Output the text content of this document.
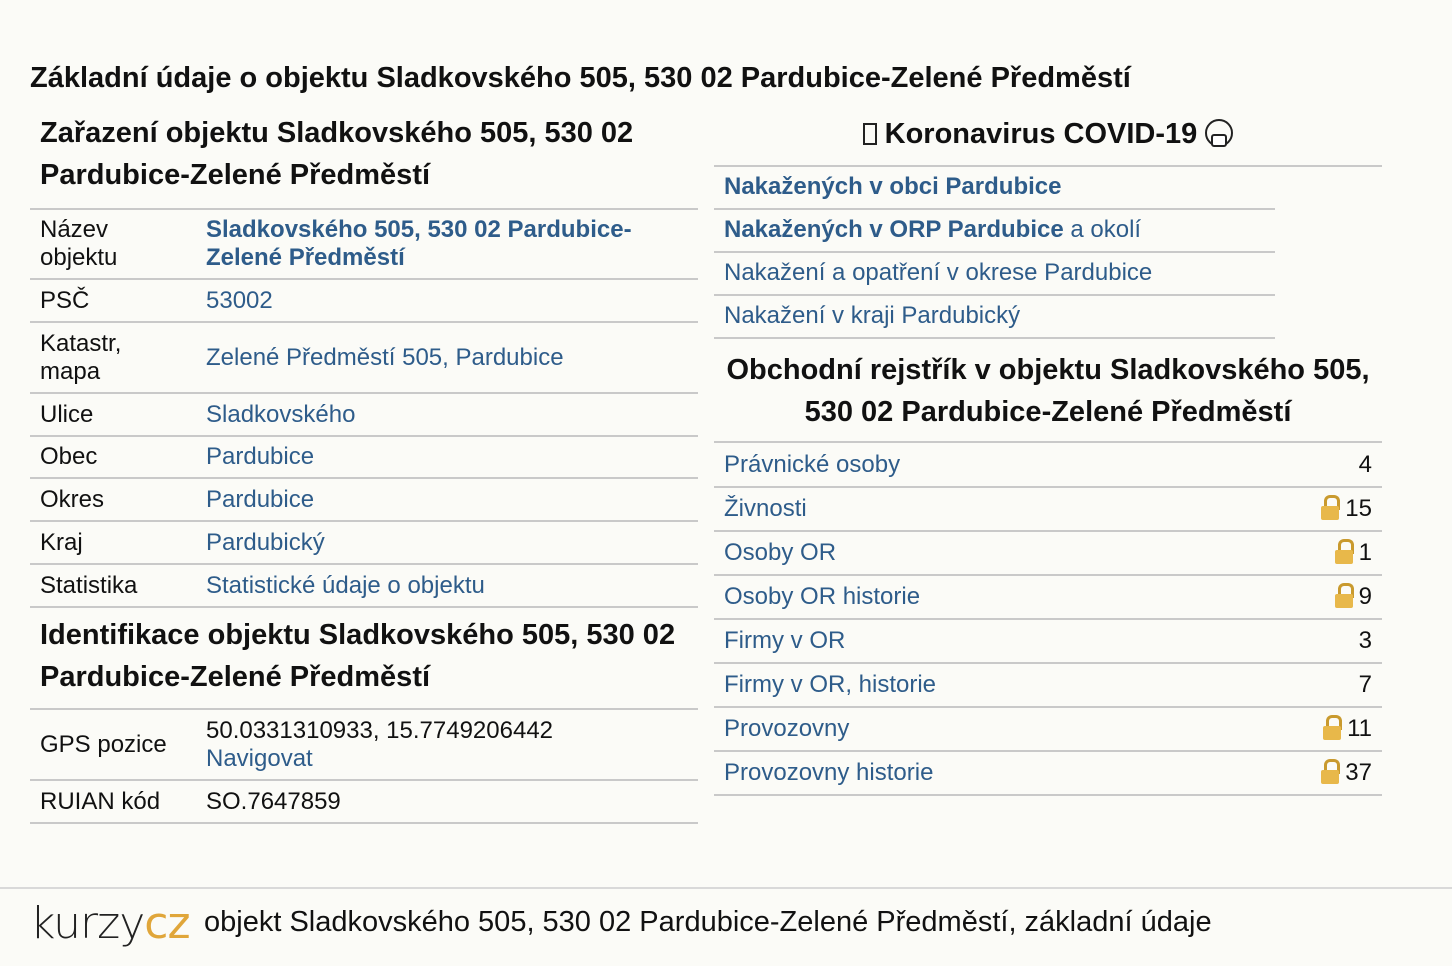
Základní údaje o objektu Sladkovského 505, 530 02 Pardubice-Zelené Předměstí
Zařazení objektu Sladkovského 505, 530 02 Pardubice-Zelené Předměstí
Název objektu	Sladkovského 505, 530 02 Pardubice-Zelené Předměstí
PSČ	53002
Katastr, mapa	Zelené Předměstí 505, Pardubice
Ulice	Sladkovského
Obec	Pardubice
Okres	Pardubice
Kraj	Pardubický
Statistika	Statistické údaje o objektu
Identifikace objektu Sladkovského 505, 530 02 Pardubice-Zelené Předměstí
GPS pozice	50.0331310933, 15.7749206442
Navigovat
RUIAN kód	SO.7647859
Koronavirus COVID-19
Nakažených v obci Pardubice
Nakažených v ORP Pardubice a okolí
Nakažení a opatření v okrese Pardubice
Nakažení v kraji Pardubický
Obchodní rejstřík v objektu Sladkovského 505, 530 02 Pardubice-Zelené Předměstí
Právnické osoby	4
Živnosti	15
Osoby OR	1
Osoby OR historie	9
Firmy v OR	3
Firmy v OR, historie	7
Provozovny	11
Provozovny historie	37
kurzycz objekt Sladkovského 505, 530 02 Pardubice-Zelené Předměstí, základní údaje
